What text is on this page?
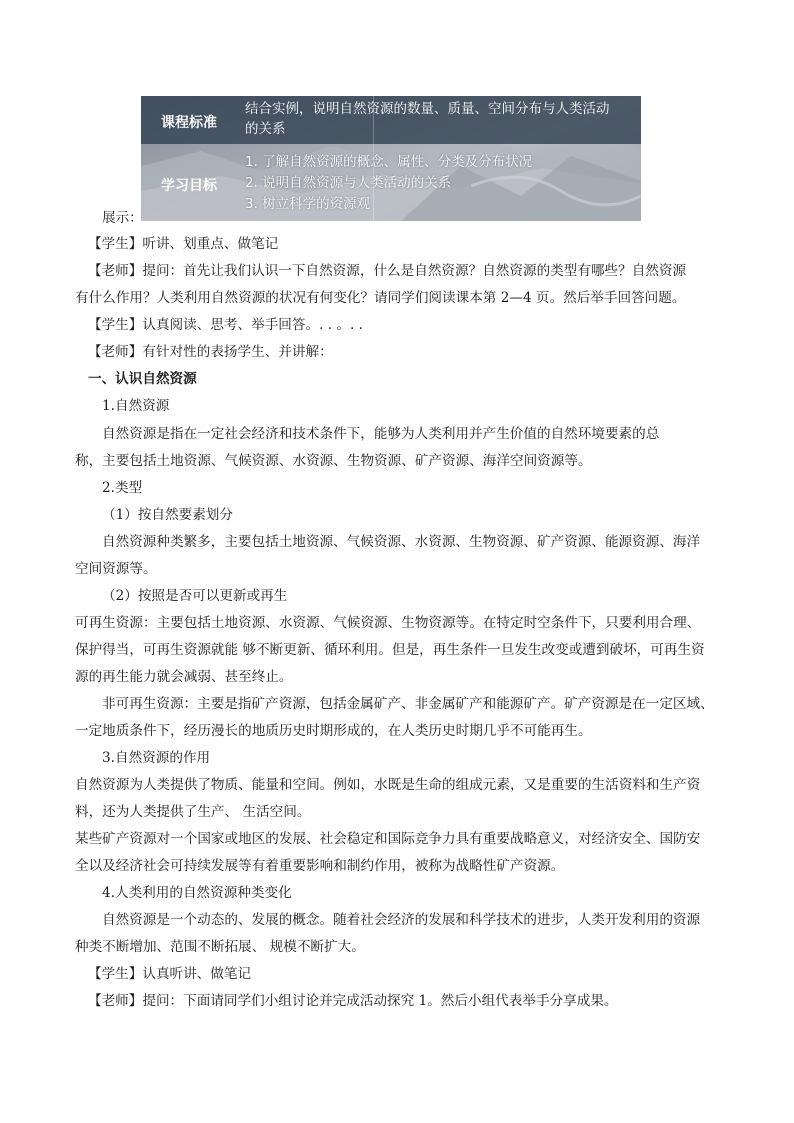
课程标准
结合实例，说明自然资源的数量、质量、空间分布与人类活动
的关系
学习目标
1. 了解自然资源的概念、属性、分类及分布状况
2. 说明自然资源与人类活动的关系
3. 树立科学的资源观
展示：
【学生】听讲、划重点、做笔记
【老师】提问：首先让我们认识一下自然资源，什么是自然资源？自然资源的类型有哪些？自然资源
有什么作用？人类利用自然资源的状况有何变化？请同学们阅读课本第 2—4 页。然后举手回答问题。
【学生】认真阅读、思考、举手回答。. . 。. .
【老师】有针对性的表扬学生、并讲解：
一、认识自然资源
1.自然资源
自然资源是指在一定社会经济和技术条件下，能够为人类利用并产生价值的自然环境要素的总
称，主要包括土地资源、气候资源、水资源、生物资源、矿产资源、海洋空间资源等。
2.类型
（1）按自然要素划分
自然资源种类繁多，主要包括土地资源、气候资源、水资源、生物资源、矿产资源、能源资源、海洋
空间资源等。
（2）按照是否可以更新或再生
可再生资源：主要包括土地资源、水资源、气候资源、生物资源等。在特定时空条件下，只要利用合理、
保护得当，可再生资源就能 够不断更新、循环利用。但是，再生条件一旦发生改变或遭到破坏，可再生资
源的再生能力就会减弱、甚至终止。
非可再生资源：主要是指矿产资源，包括金属矿产、非金属矿产和能源矿产。矿产资源是在一定区域、
一定地质条件下，经历漫长的地质历史时期形成的，在人类历史时期几乎不可能再生。
3.自然资源的作用
自然资源为人类提供了物质、能量和空间。例如，水既是生命的组成元素，又是重要的生活资料和生产资
料，还为人类提供了生产、 生活空间。
某些矿产资源对一个国家或地区的发展、社会稳定和国际竞争力具有重要战略意义，对经济安全、国防安
全以及经济社会可持续发展等有着重要影响和制约作用，被称为战略性矿产资源。
4.人类利用的自然资源种类变化
自然资源是一个动态的、发展的概念。随着社会经济的发展和科学技术的进步，人类开发利用的资源
种类不断增加、范围不断拓展、 规模不断扩大。
【学生】认真听讲、做笔记
【老师】提问：下面请同学们小组讨论并完成活动探究 1。然后小组代表举手分享成果。
